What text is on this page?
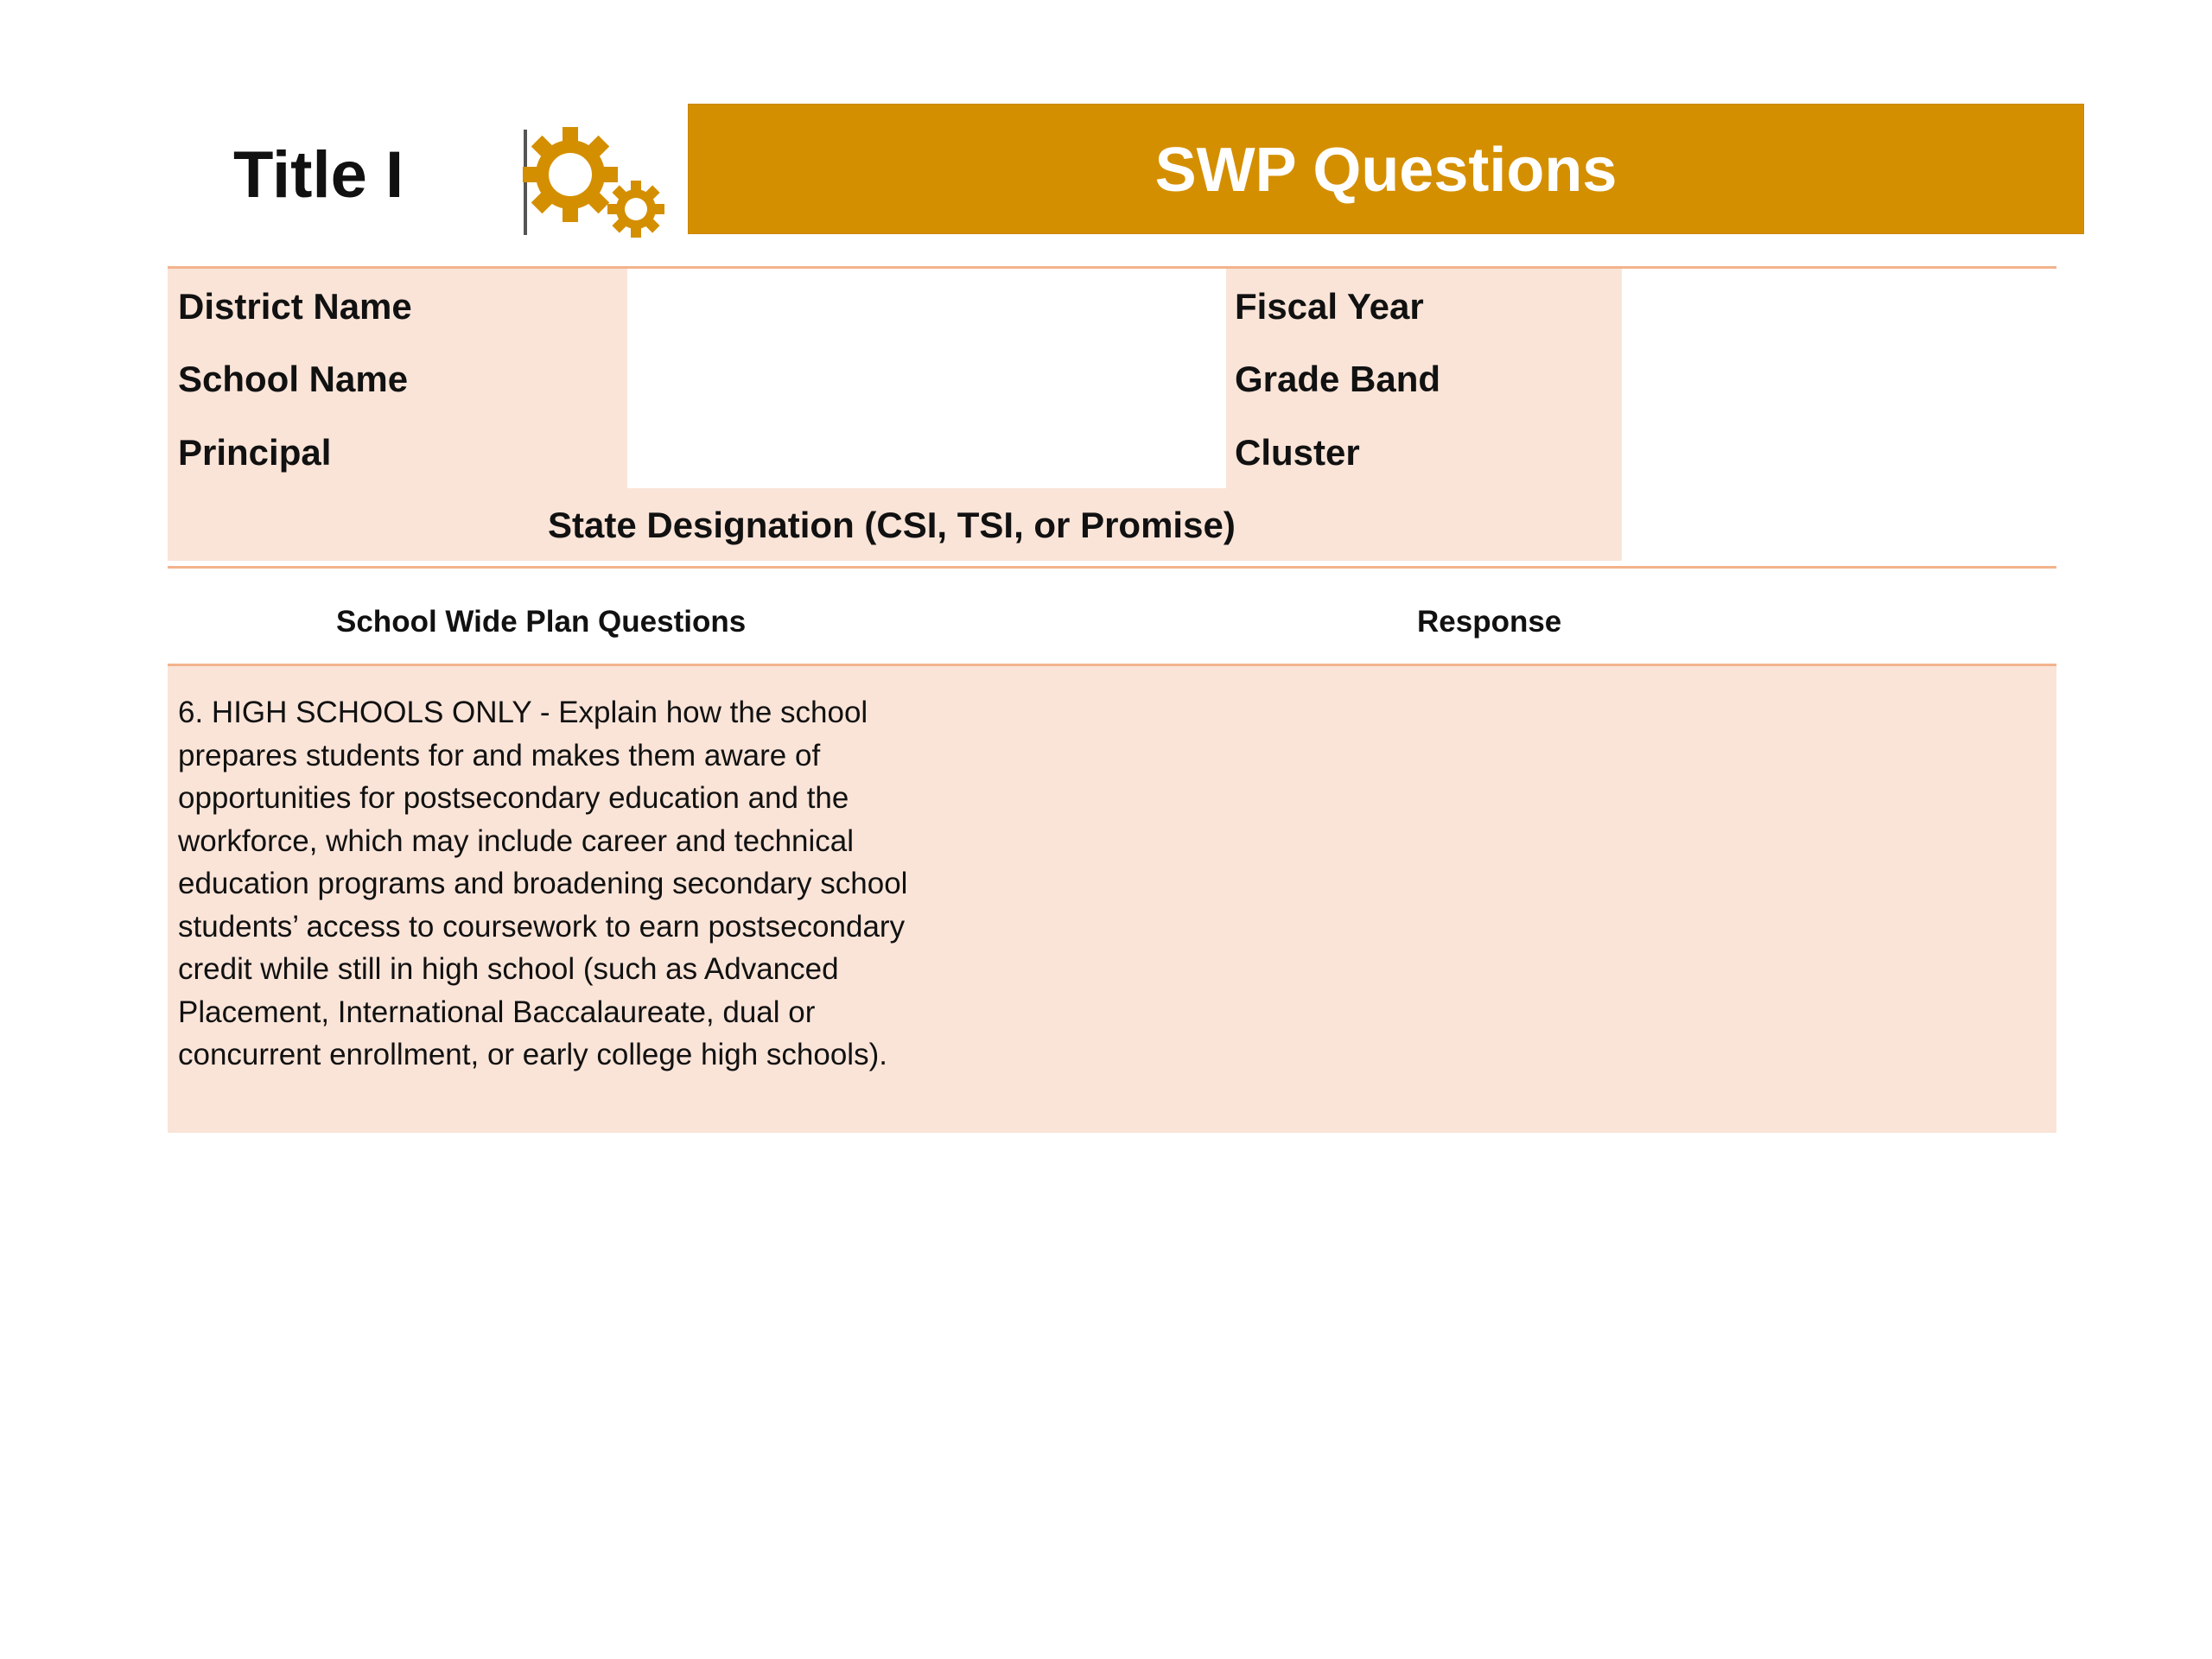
Title I	SWP Questions
District Name
School Name
Principal
Fiscal Year
Grade Band
Cluster
State Designation (CSI, TSI, or Promise)
School Wide Plan Questions	Response
6. HIGH SCHOOLS ONLY - Explain how the school prepares students for and makes them aware of opportunities for postsecondary education and the workforce, which may include career and technical education programs and broadening secondary school students’ access to coursework to earn postsecondary credit while still in high school (such as Advanced Placement, International Baccalaureate, dual or concurrent enrollment, or early college high schools).
